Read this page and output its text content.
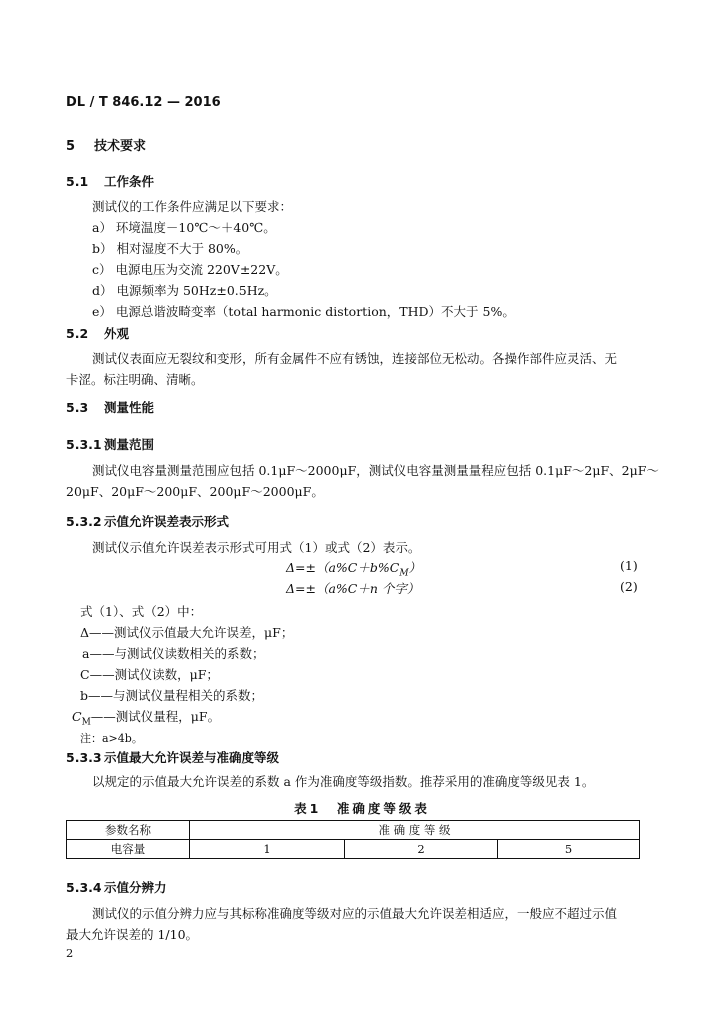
DL / T 846.12 — 2016
5 技术要求
5.1 工作条件
测试仪的工作条件应满足以下要求：
a） 环境温度－10℃～＋40℃。
b） 相对湿度不大于 80%。
c） 电源电压为交流 220V±22V。
d） 电源频率为 50Hz±0.5Hz。
e） 电源总谐波畸变率（total harmonic distortion，THD）不大于 5%。
5.2 外观
测试仪表面应无裂纹和变形，所有金属件不应有锈蚀，连接部位无松动。各操作部件应灵活、无
卡涩。标注明确、清晰。
5.3 测量性能
5.3.1 测量范围
测试仪电容量测量范围应包括 0.1μF～2000μF，测试仪电容量测量量程应包括 0.1μF～2μF、2μF～
20μF、20μF～200μF、200μF～2000μF。
5.3.2 示值允许误差表示形式
测试仪示值允许误差表示形式可用式（1）或式（2）表示。
$\Delta=\pm(a\%C+b\%C_M)$	(1)
Δ=±（a%C＋n 个字）	(2)
式（1）、式（2）中：
Δ——测试仪示值最大允许误差，μF；
a——与测试仪读数相关的系数；
C——测试仪读数，μF；
b——与测试仪量程相关的系数；
$C_M——$测试仪量程，μF。
注：a>4b。
5.3.3 示值最大允许误差与准确度等级
以规定的示值最大允许误差的系数 a 作为准确度等级指数。推荐采用的准确度等级见表 1。
表1　准确度等级表
参数名称	准 确 度 等 级		
电容量	1	2	5
5.3.4 示值分辨力
测试仪的示值分辨力应与其标称准确度等级对应的示值最大允许误差相适应，一般应不超过示值
最大允许误差的 1/10。
2
